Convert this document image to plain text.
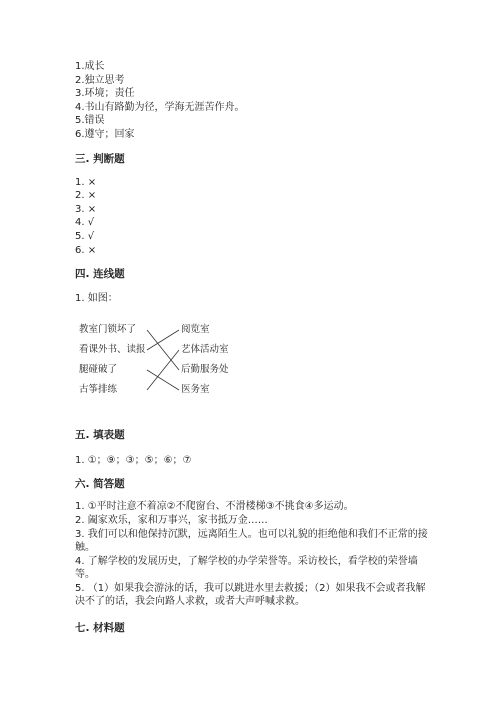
1.成长
2.独立思考
3.环境；责任
4.书山有路勤为径，学海无涯苦作舟。
5.错误
6.遵守；回家
三. 判断题
1. ×
2. ×
3. ×
4. √
5. √
6. ×
四. 连线题
1. 如图：
教室门锁坏了
看课外书、读报
腿碰破了
古筝排练
阅览室
艺体活动室
后勤服务处
医务室
五. 填表题
1. ①；⑨；③；⑤；⑥；⑦
六. 简答题
1. ①平时注意不着凉②不爬窗台、不滑楼梯③不挑食④多运动。
2. 阖家欢乐，家和万事兴，家书抵万金……
3. 我们可以和他保持沉默，远离陌生人。也可以礼貌的拒绝他和我们不正常的接触。
4. 了解学校的发展历史，了解学校的办学荣誉等。采访校长，看学校的荣誉墙等。
5. （1）如果我会游泳的话，我可以跳进水里去救援；（2）如果我不会或者我解决不了的话，我会向路人求救，或者大声呼喊求救。
七. 材料题
